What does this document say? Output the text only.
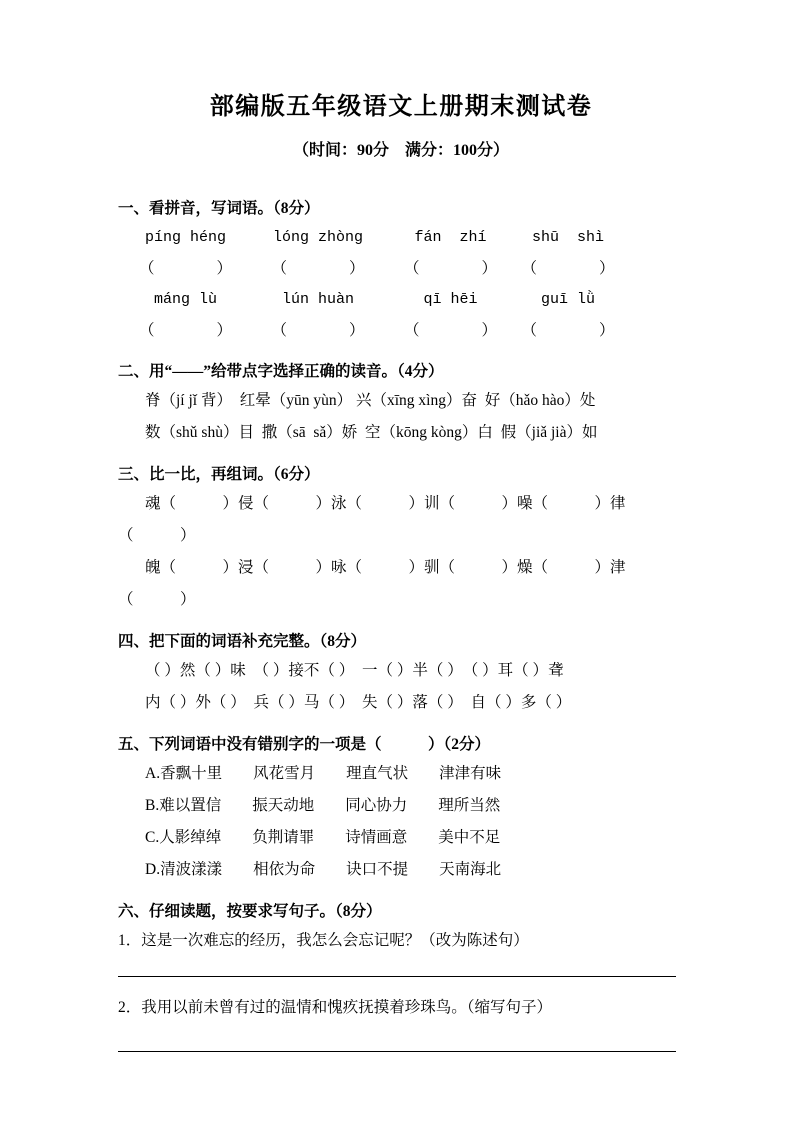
部编版五年级语文上册期末测试卷
（时间：90分　满分：100分）
一、看拼音，写词语。（8分）
píng héng	lóng zhòng	fán  zhí	shū  shì
（　　　　）	（　　　　）	（　　　　）	（　　　　）
máng lù	lún huàn	qī hēi	guī lǜ
（　　　　）	（　　　　）	（　　　　）	（　　　　）
二、用“——”给带点字选择正确的读音。（4分）
脊（jí jǐ 背）　红晕（yūn yùn） 兴（xīng xìng）奋  好（hǎo hào）处
数（shǔ shù）目  撒（sā  sǎ）娇  空（kōng kòng）白  假（jiǎ jià）如
三、比一比，再组词。（6分）
魂（　　　）侵（　　　）泳（　　　）训（　　　）噪（　　　）律
（　　　）
魄（　　　）浸（　　　）咏（　　　）驯（　　　）燥（　　　）津
（　　　）
四、把下面的词语补充完整。（8分）
（ ）然（ ）味　（ ）接不（ ）　一（ ）半（ ）　（ ）耳（ ）聋
内（ ）外（ ）　兵（ ）马（ ）　失（ ）落（ ）　自（ ）多（ ）
五、下列词语中没有错别字的一项是（　　　）（2分）
A.香飘十里　　风花雪月　　理直气状　　津津有味
B.难以置信　　振天动地　　同心协力　　理所当然
C.人影绰绰　　负荆请罪　　诗情画意　　美中不足
D.清波漾漾　　相依为命　　诀口不提　　天南海北
六、仔细读题，按要求写句子。（8分）
1．这是一次难忘的经历，我怎么会忘记呢？（改为陈述句）
2．我用以前未曾有过的温情和愧疚抚摸着珍珠鸟。（缩写句子）
